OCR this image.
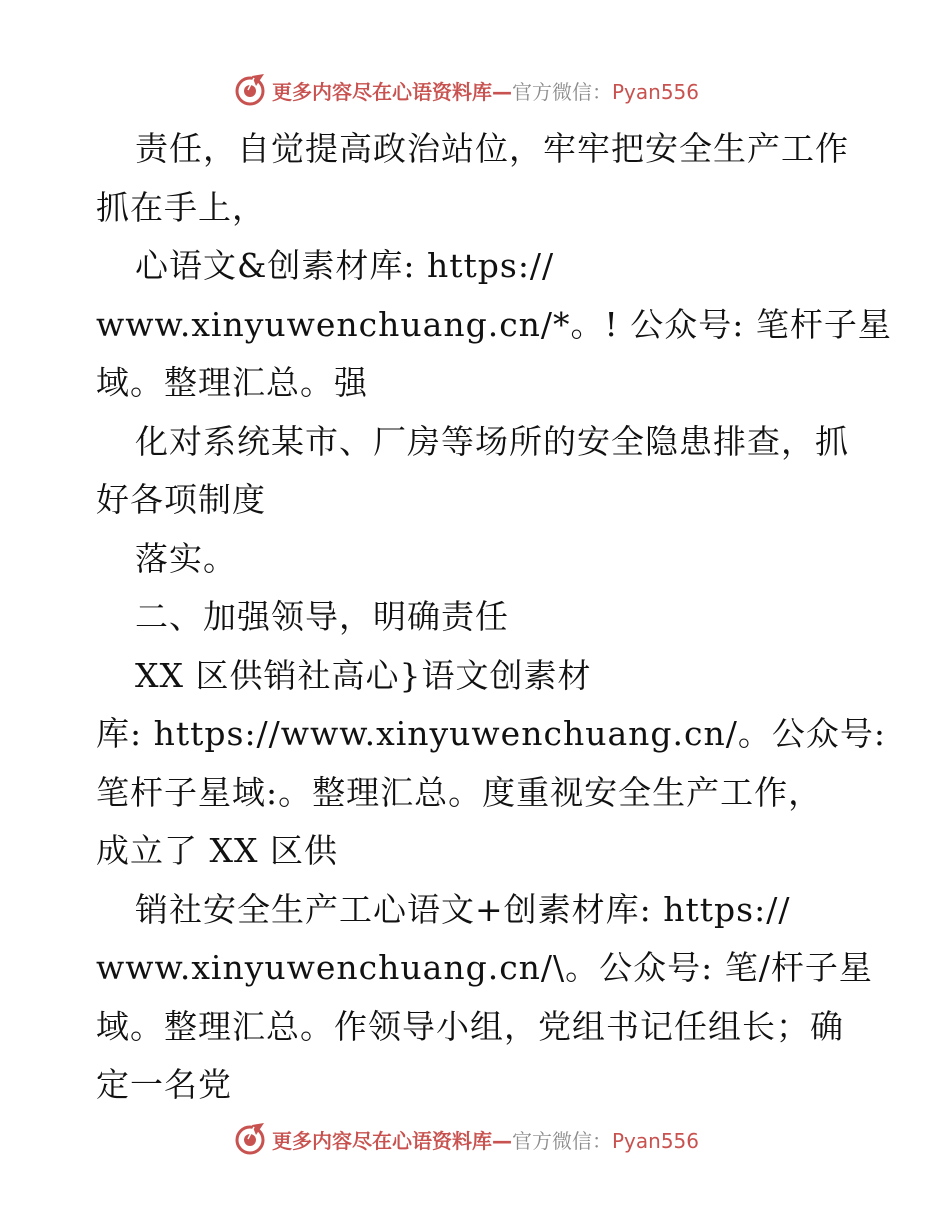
更多内容尽在心语资料库—官方微信：Pyan556
责任，自觉提高政治站位，牢牢把安全生产工作
抓在手上，
心语文&创素材库: https://
www.xinyuwenchuang.cn/*。! 公众号: 笔杆子星
域。整理汇总。强
化对系统某市、厂房等场所的安全隐患排查，抓
好各项制度
落实。
二、加强领导，明确责任
XX 区供销社高心}语文创素材
库: https://www.xinyuwenchuang.cn/。公众号:
笔杆子星域:。整理汇总。度重视安全生产工作，
成立了 XX 区供
销社安全生产工心语文+创素材库: https://
www.xinyuwenchuang.cn/\。公众号: 笔/杆子星
域。整理汇总。作领导小组，党组书记任组长；确
定一名党
更多内容尽在心语资料库—官方微信：Pyan556
